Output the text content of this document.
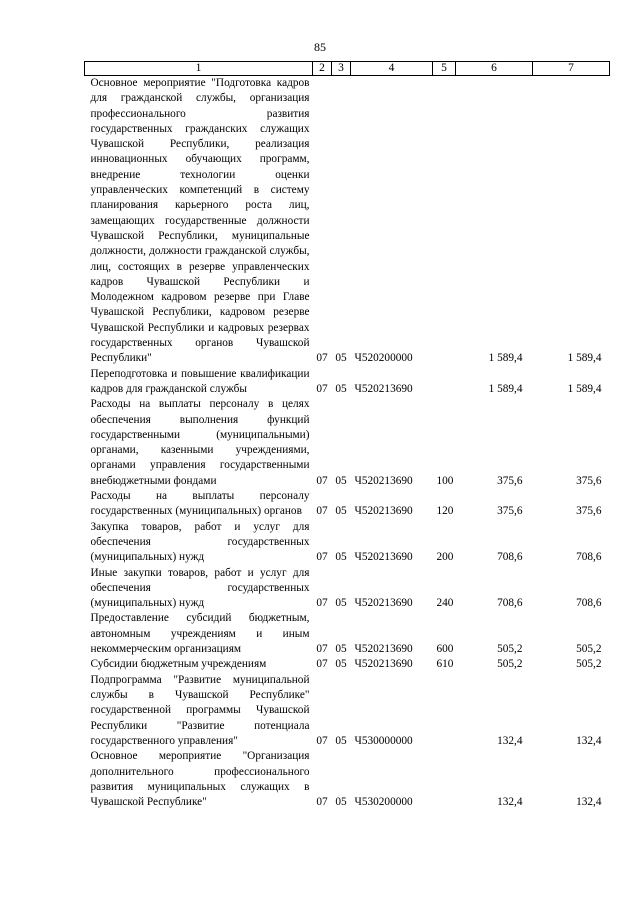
85
1	2	3	4	5	6	7
Основное мероприятие "Подготовка кадров для гражданской службы, организация профессионального развития государственных гражданских служащих Чувашской Республики, реализация инновационных обучающих программ, внедрение технологии оценки управленческих компетенций в систему планирования карьерного роста лиц, замещающих государственные должности Чувашской Республики, муниципальные должности, должности гражданской службы, лиц, состоящих в резерве управленческих кадров Чувашской Республики и Молодежном кадровом резерве при Главе Чувашской Республики, кадровом резерве Чувашской Республики и кадровых резервах государственных органов Чувашской Республики"	07	05	Ч520200000		1 589,4	1 589,4
Переподготовка и повышение квалификации кадров для гражданской службы	07	05	Ч520213690		1 589,4	1 589,4
Расходы на выплаты персоналу в целях обеспечения выполнения функций государственными (муниципальными) органами, казенными учреждениями, органами управления государственными внебюджетными фондами	07	05	Ч520213690	100	375,6	375,6
Расходы на выплаты персоналу государственных (муниципальных) органов	07	05	Ч520213690	120	375,6	375,6
Закупка товаров, работ и услуг для обеспечения государственных (муниципальных) нужд	07	05	Ч520213690	200	708,6	708,6
Иные закупки товаров, работ и услуг для обеспечения государственных (муниципальных) нужд	07	05	Ч520213690	240	708,6	708,6
Предоставление субсидий бюджетным, автономным учреждениям и иным некоммерческим организациям	07	05	Ч520213690	600	505,2	505,2
Субсидии бюджетным учреждениям	07	05	Ч520213690	610	505,2	505,2
Подпрограмма "Развитие муниципальной службы в Чувашской Республике" государственной программы Чувашской Республики "Развитие потенциала государственного управления"	07	05	Ч530000000		132,4	132,4
Основное мероприятие "Организация дополнительного профессионального развития муниципальных служащих в Чувашской Республике"	07	05	Ч530200000		132,4	132,4
